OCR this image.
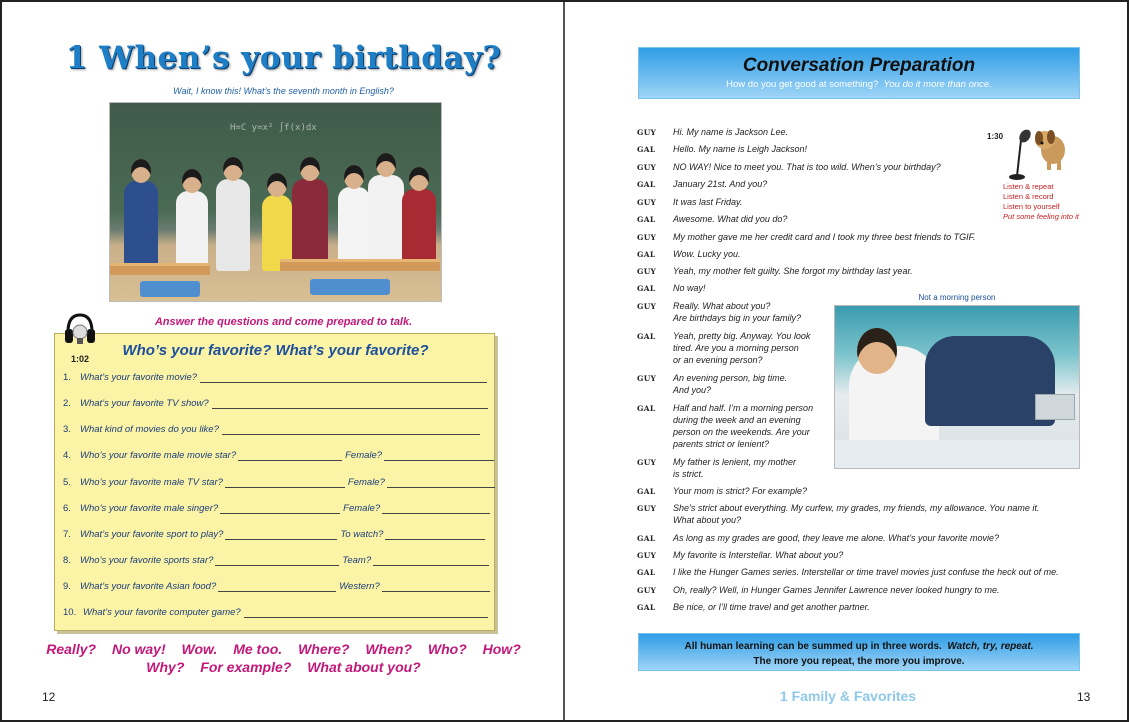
1 When’s your birthday?
Wait, I know this! What’s the seventh month in English?
H=C y=x² ∫f(x)dx
Answer the questions and come prepared to talk.
Who’s your favorite? What’s your favorite?
1. What’s your favorite movie?
2. What’s your favorite TV show?
3. What kind of movies do you like?
4. Who’s your favorite male movie star?	Female?
5. Who’s your favorite male TV star?	Female?
6. Who’s your favorite male singer?	Female?
7. What’s your favorite sport to play?	To watch?
8. Who’s your favorite sports star?	Team?
9. What’s your favorite Asian food?	Western?
10. What’s your favorite computer game?
1:02
Really? No way! Wow. Me too. Where? When? Who? How?
Why? For example? What about you?
12
Conversation Preparation
How do you get good at something? You do it more than once.
1:30
Listen & repeat
Listen & record
Listen to yourself
Put some feeling into it
GUY	Hi. My name is Jackson Lee.
GAL	Hello. My name is Leigh Jackson!
GUY	NO WAY! Nice to meet you. That is too wild. When’s your birthday?
GAL	January 21st. And you?
GUY	It was last Friday.
GAL	Awesome. What did you do?
GUY	My mother gave me her credit card and I took my three best friends to TGIF.
GAL	Wow. Lucky you.
GUY	Yeah, my mother felt guilty. She forgot my birthday last year.
GAL	No way!
GUY	Really. What about you?
Are birthdays big in your family?
GAL	Yeah, pretty big. Anyway. You look
tired. Are you a morning person
or an evening person?
GUY	An evening person, big time.
And you?
GAL	Half and half. I’m a morning person
during the week and an evening
person on the weekends. Are your
parents strict or lenient?
GUY	My father is lenient, my mother
is strict.
GAL	Your mom is strict? For example?
GUY	She’s strict about everything. My curfew, my grades, my friends, my allowance. You name it.
What about you?
GAL	As long as my grades are good, they leave me alone. What’s your favorite movie?
GUY	My favorite is Interstellar. What about you?
GAL	I like the Hunger Games series. Interstellar or time travel movies just confuse the heck out of me.
GUY	Oh, really? Well, in Hunger Games Jennifer Lawrence never looked hungry to me.
GAL	Be nice, or I’ll time travel and get another partner.
Not a morning person
All human learning can be summed up in three words. Watch, try, repeat.
The more you repeat, the more you improve.
1 Family & Favorites	13
